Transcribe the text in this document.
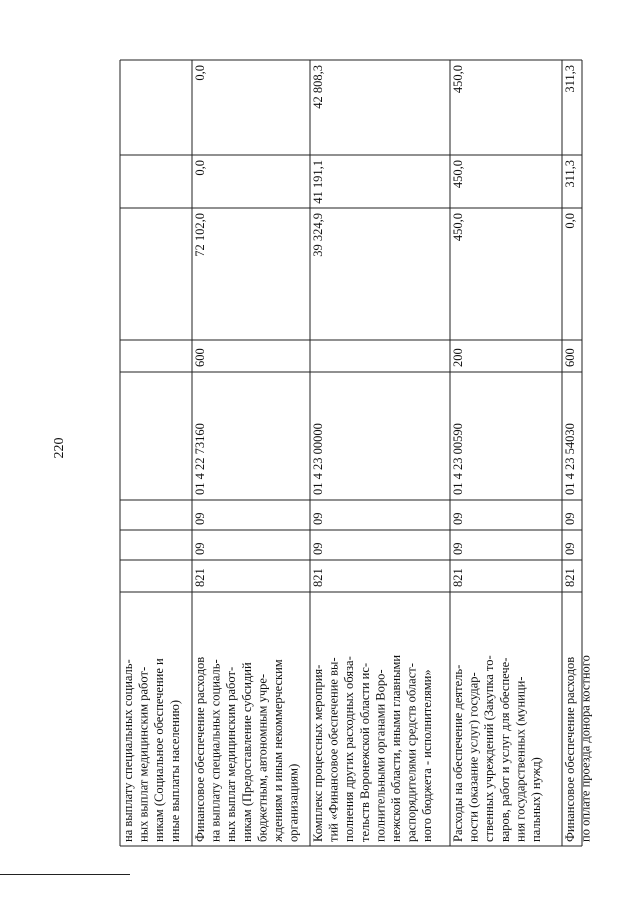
220
на выплату специальных социаль- ных выплат медицинским работ- никам (Социальное обеспечение и иные выплаты населению) Финансовое обеспечение расходов на выплату специальных социаль- ных выплат медицинским работ- никам (Предоставление субсидий бюджетным, автономным учре- ждениям и иным некоммерческим организациям)
821
09
09
01 4 22 73160
600
72 102,0
0,0
0,0
Комплекс процессных мероприя- тий «Финансовое обеспечение вы- полнения других расходных обяза- тельств Воронежской области ис- полнительными органами Воро- нежской области, иными главными распорядителями средств област- ного бюджета - исполнителями»
821
09
09
01 4 23 00000
39 324,9
41 191,1
42 808,3
Расходы на обеспечение деятель- ности (оказание услуг) государ- ственных учреждений (Закупка то- варов, работ и услуг для обеспече- ния государственных (муници- пальных) нужд)
821
09
09
01 4 23 00590
200
450,0
450,0
450,0
Финансовое обеспечение расходов по оплате проезда донора костного
821
09
09
01 4 23 54030
600
0,0
311,3
311,3
